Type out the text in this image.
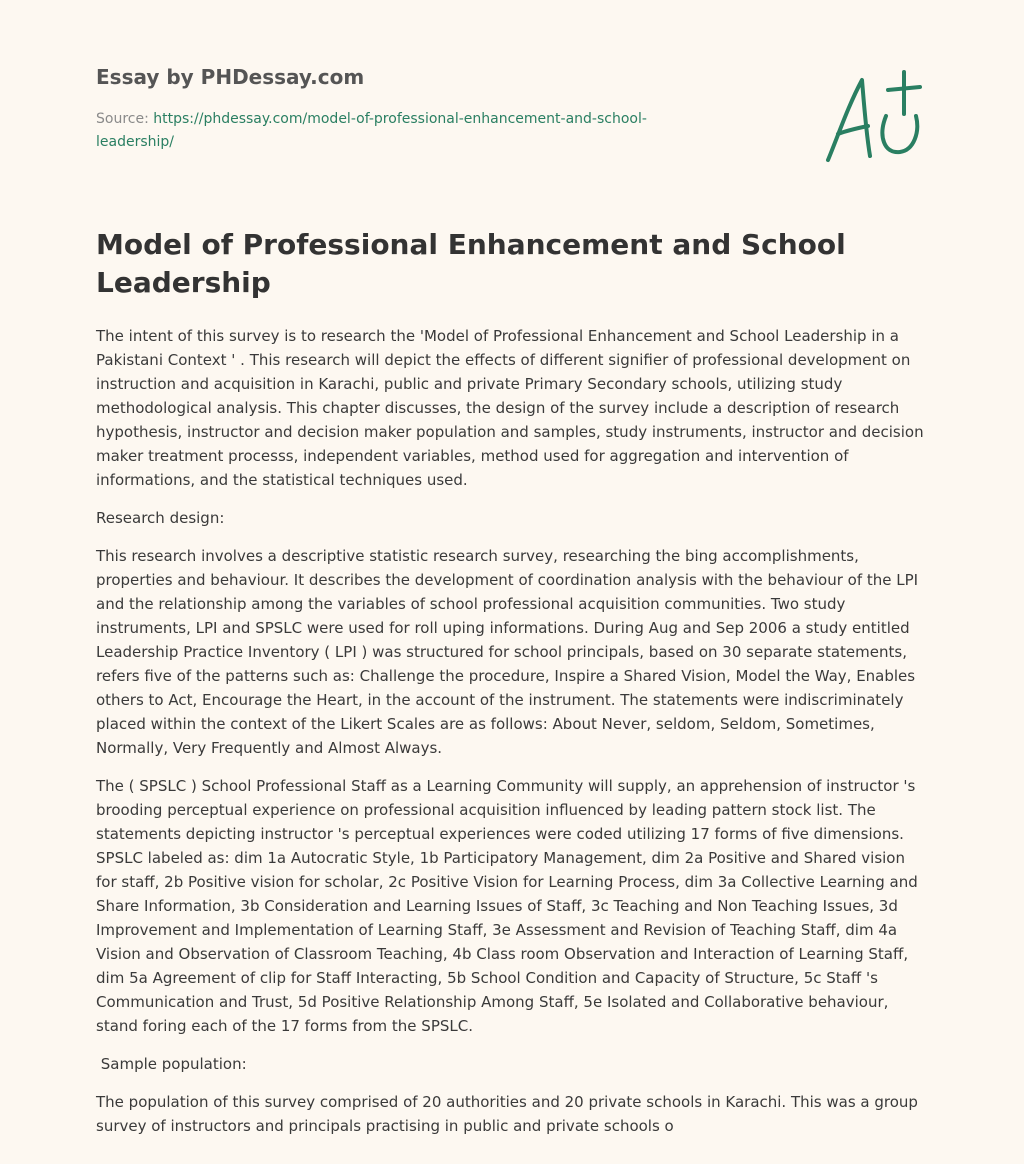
Essay by PHDessay.com
Source: https://phdessay.com/model-of-professional-enhancement-and-school-
leadership/
Model of Professional Enhancement and School Leadership

The intent of this survey is to research the 'Model of Professional Enhancement and School Leadership in a Pakistani Context ' . This research will depict the effects of different signifier of professional development on instruction and acquisition in Karachi, public and private Primary Secondary schools, utilizing study methodological analysis. This chapter discusses, the design of the survey include a description of research hypothesis, instructor and decision maker population and samples, study instruments, instructor and decision maker treatment processs, independent variables, method used for aggregation and intervention of informations, and the statistical techniques used.

Research design:

This research involves a descriptive statistic research survey, researching the bing accomplishments, properties and behaviour. It describes the development of coordination analysis with the behaviour of the LPI and the relationship among the variables of school professional acquisition communities. Two study instruments, LPI and SPSLC were used for roll uping informations. During Aug and Sep 2006 a study entitled Leadership Practice Inventory ( LPI ) was structured for school principals, based on 30 separate statements, refers five of the patterns such as: Challenge the procedure, Inspire a Shared Vision, Model the Way, Enables others to Act, Encourage the Heart, in the account of the instrument. The statements were indiscriminately placed within the context of the Likert Scales are as follows: About Never, seldom, Seldom, Sometimes, Normally, Very Frequently and Almost Always.

The ( SPSLC ) School Professional Staff as a Learning Community will supply, an apprehension of instructor 's brooding perceptual experience on professional acquisition influenced by leading pattern stock list. The statements depicting instructor 's perceptual experiences were coded utilizing 17 forms of five dimensions. SPSLC labeled as: dim 1a Autocratic Style, 1b Participatory Management, dim 2a Positive and Shared vision for staff, 2b Positive vision for scholar, 2c Positive Vision for Learning Process, dim 3a Collective Learning and Share Information, 3b Consideration and Learning Issues of Staff, 3c Teaching and Non Teaching Issues, 3d Improvement and Implementation of Learning Staff, 3e Assessment and Revision of Teaching Staff, dim 4a Vision and Observation of Classroom Teaching, 4b Class room Observation and Interaction of Learning Staff, dim 5a Agreement of clip for Staff Interacting, 5b School Condition and Capacity of Structure, 5c Staff 's Communication and Trust, 5d Positive Relationship Among Staff, 5e Isolated and Collaborative behaviour, stand foring each of the 17 forms from the SPSLC.

Sample population:

The population of this survey comprised of 20 authorities and 20 private schools in Karachi. This was a group survey of instructors and principals practising in public and private schools o
